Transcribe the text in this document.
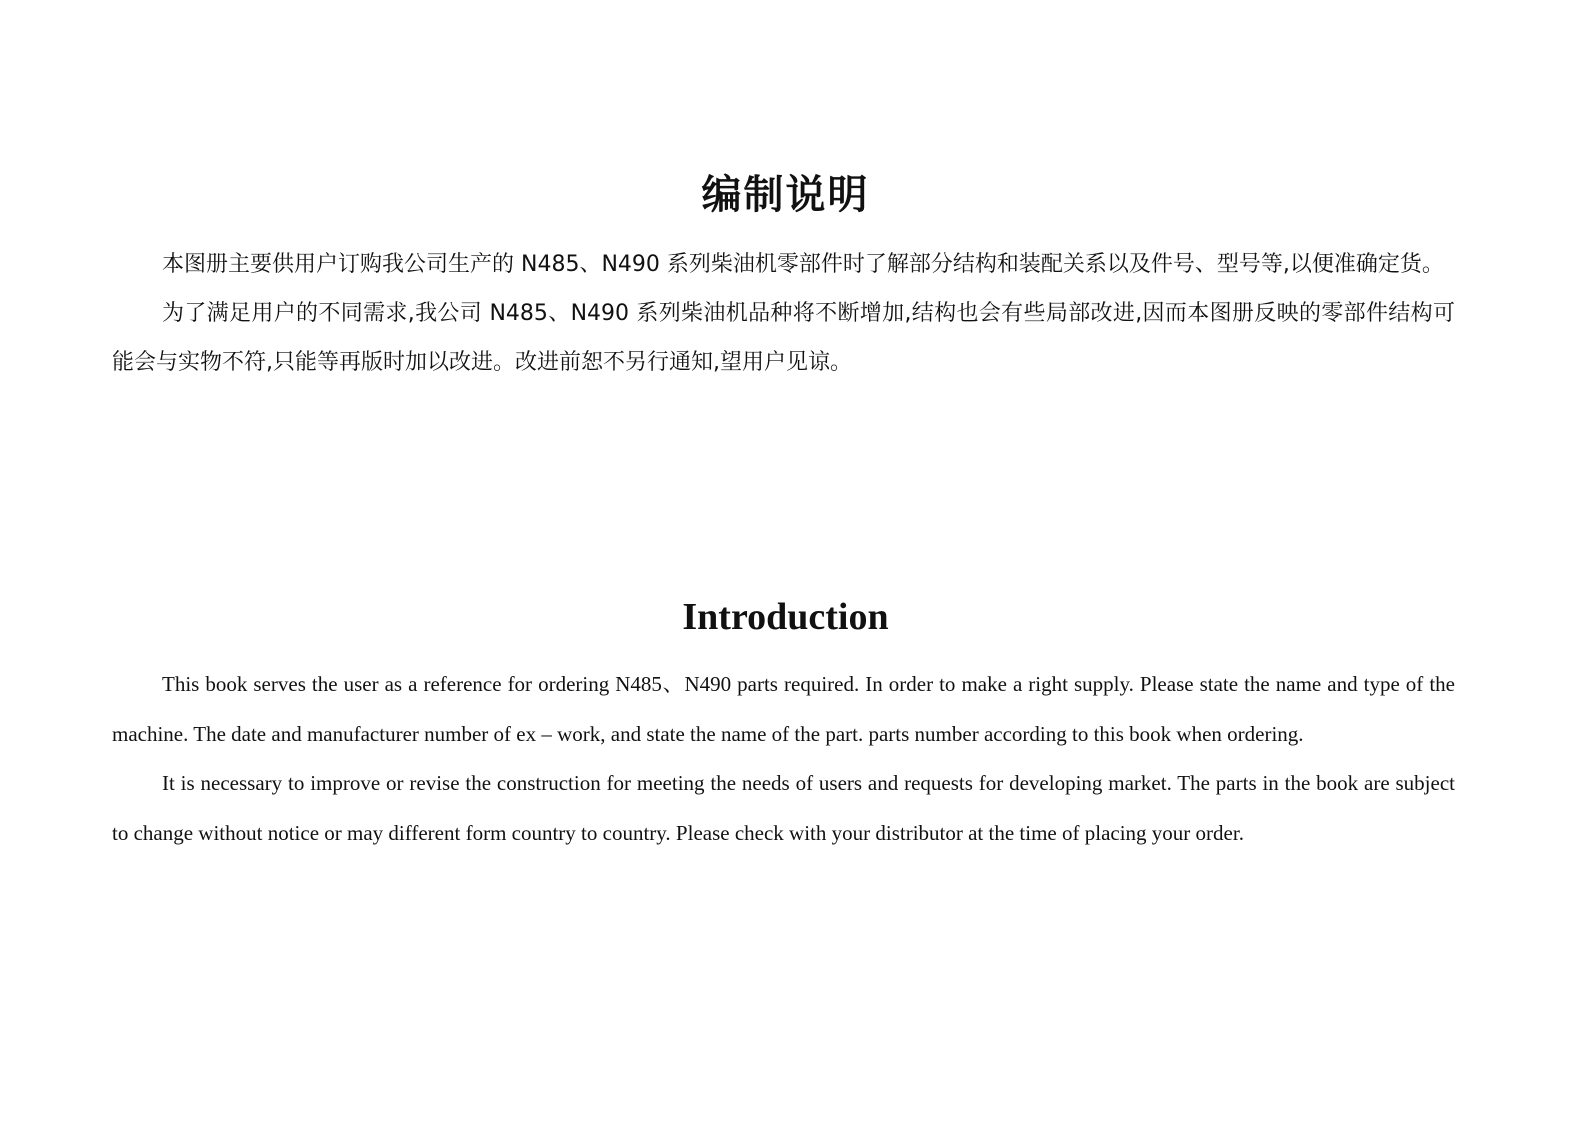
编制说明

本图册主要供用户订购我公司生产的 N485、N490 系列柴油机零部件时了解部分结构和装配关系以及件号、型号等,以便准确定货。

为了满足用户的不同需求,我公司 N485、N490 系列柴油机品种将不断增加,结构也会有些局部改进,因而本图册反映的零部件结构可能会与实物不符,只能等再版时加以改进。改进前恕不另行通知,望用户见谅。

Introduction

This book serves the user as a reference for ordering N485、N490 parts required. In order to make a right supply. Please state the name and type of the machine. The date and manufacturer number of ex – work, and state the name of the part. parts number according to this book when ordering.

It is necessary to improve or revise the construction for meeting the needs of users and requests for developing market. The parts in the book are subject to change without notice or may different form country to country. Please check with your distributor at the time of placing your order.
